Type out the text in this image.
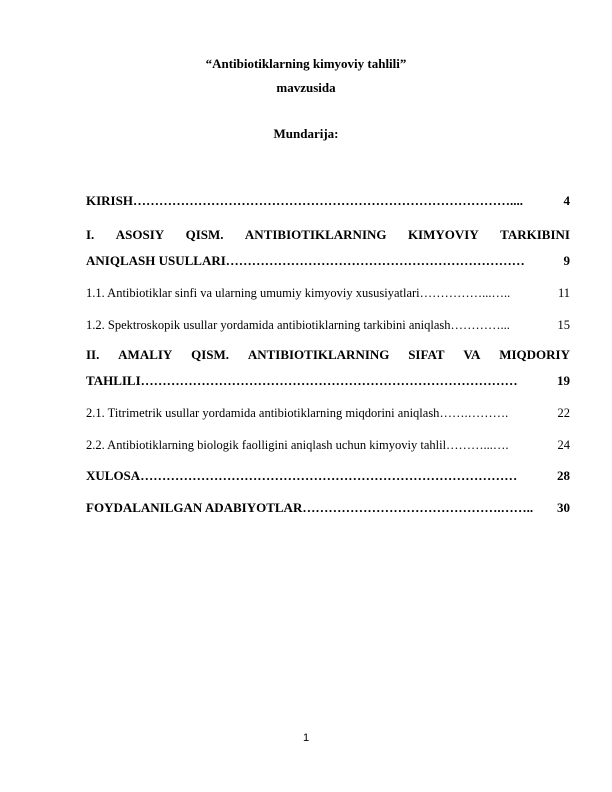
“Antibiotiklarning kimyoviy tahlili”

mavzusida

Mundarija:

KIRISH ……………………………………………………………………………....	4
I. ASOSIY QISM. ANTIBIOTIKLARNING KIMYOVIY TARKIBINI
ANIQLASH USULLARI ……………………………………………………………	9
1.1. Antibiotiklar sinfi va ularning umumiy kimyoviy xususiyatlari ……………...…..	11
1.2. Spektroskopik usullar yordamida antibiotiklarning tarkibini aniqlash …………...	15
II. AMALIY QISM. ANTIBIOTIKLARNING SIFAT VA MIQDORIY
TAHLILI ……………………………………………………………………………	19
2.1. Titrimetrik usullar yordamida antibiotiklarning miqdorini aniqlash …….……….	22
2.2. Antibiotiklarning biologik faolligini aniqlash uchun kimyoviy tahlil ………...….	24
XULOSA ……………………………………………………………………………	28
FOYDALANILGAN ADABIYOTLAR ……………………………………….……..	30

1
